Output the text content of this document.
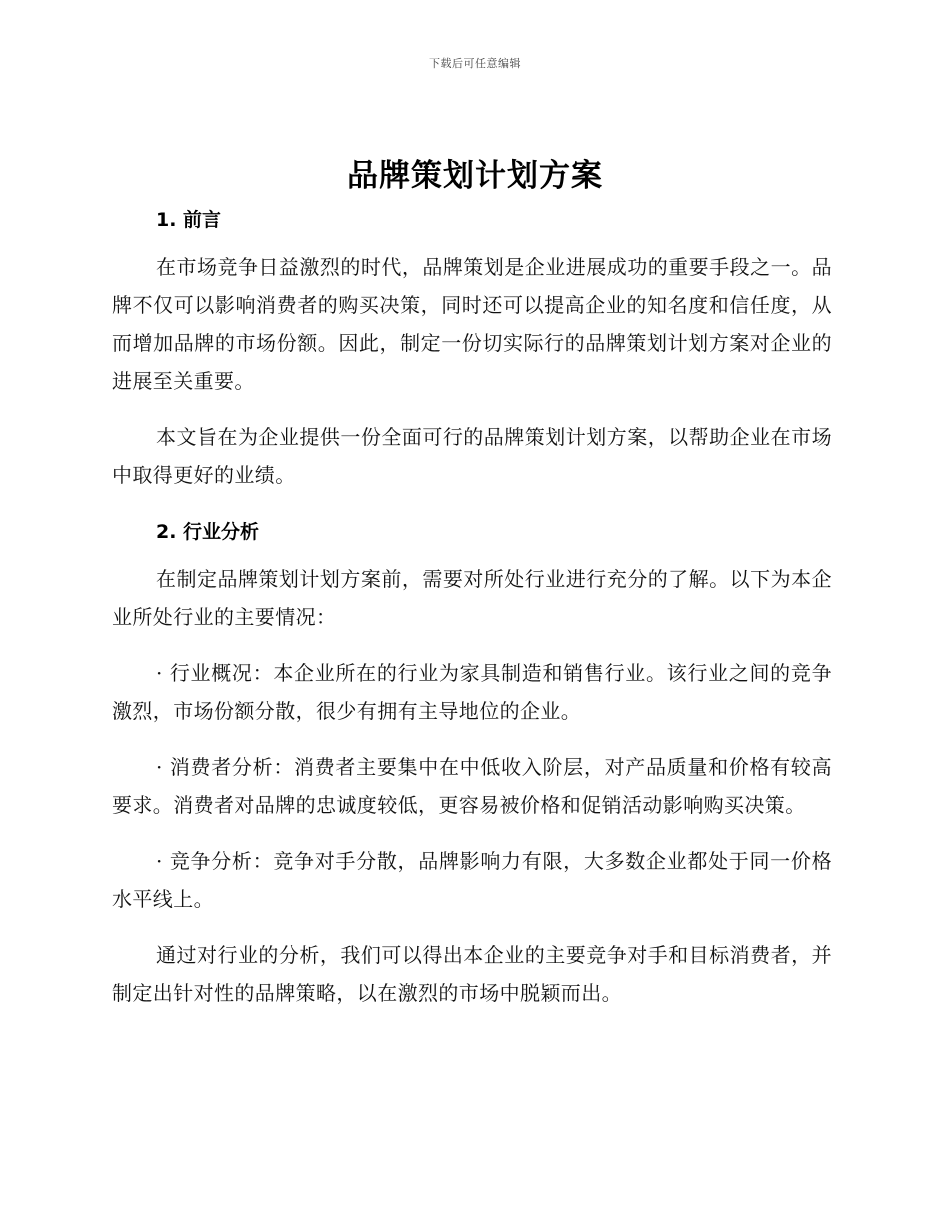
下载后可任意编辑
品牌策划计划方案
1. 前言

在市场竞争日益激烈的时代，品牌策划是企业进展成功的重要手段之一。品牌不仅可以影响消费者的购买决策，同时还可以提高企业的知名度和信任度，从而增加品牌的市场份额。因此，制定一份切实际行的品牌策划计划方案对企业的进展至关重要。

本文旨在为企业提供一份全面可行的品牌策划计划方案，以帮助企业在市场中取得更好的业绩。

2. 行业分析

在制定品牌策划计划方案前，需要对所处行业进行充分的了解。以下为本企业所处行业的主要情况：

· 行业概况：本企业所在的行业为家具制造和销售行业。该行业之间的竞争激烈，市场份额分散，很少有拥有主导地位的企业。

· 消费者分析：消费者主要集中在中低收入阶层，对产品质量和价格有较高要求。消费者对品牌的忠诚度较低，更容易被价格和促销活动影响购买决策。

· 竞争分析：竞争对手分散，品牌影响力有限，大多数企业都处于同一价格水平线上。

通过对行业的分析，我们可以得出本企业的主要竞争对手和目标消费者，并制定出针对性的品牌策略，以在激烈的市场中脱颖而出。
